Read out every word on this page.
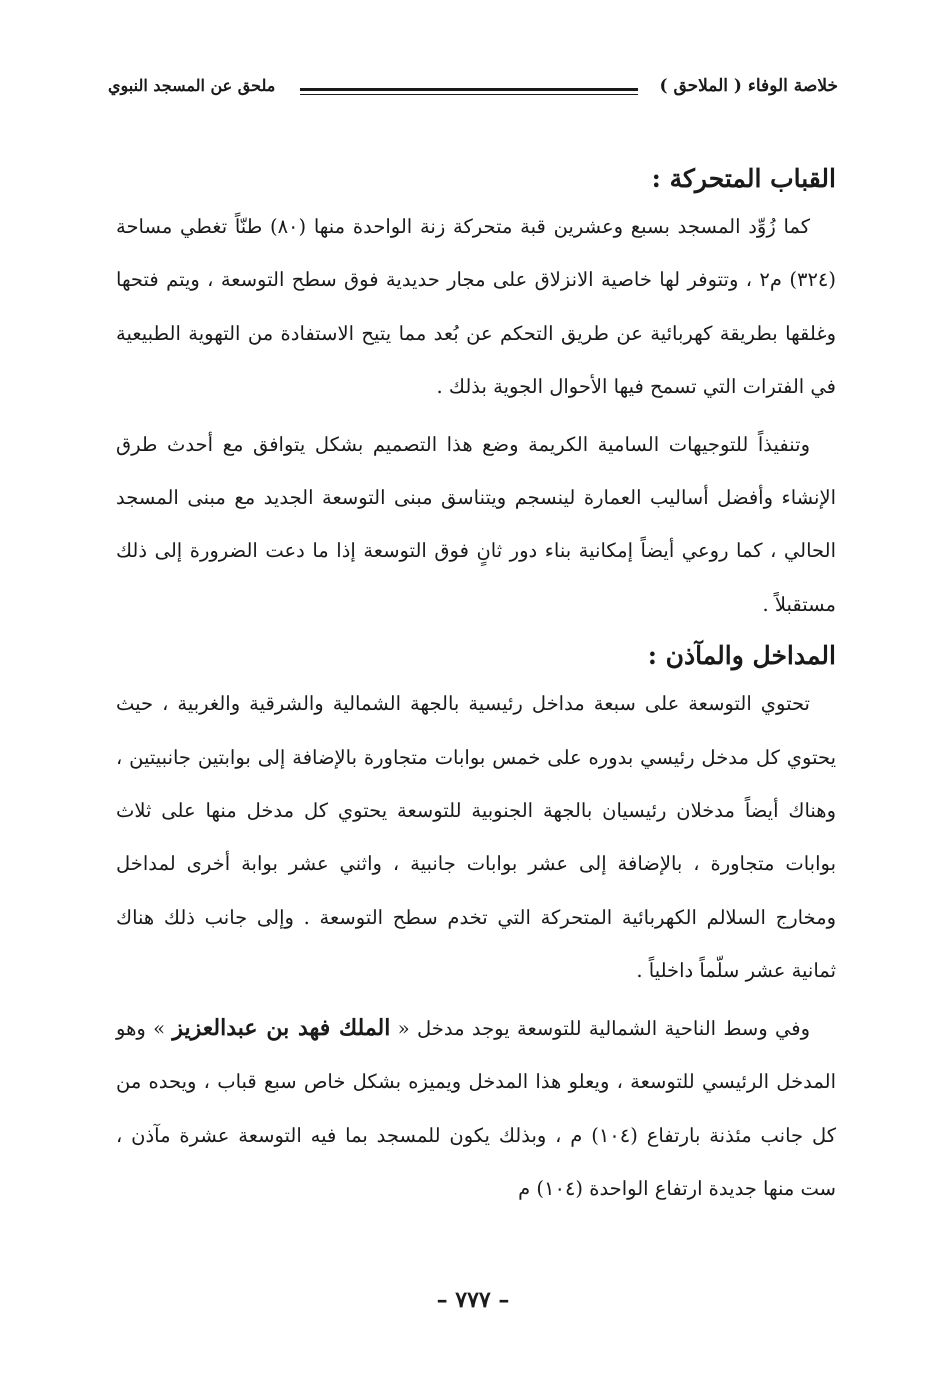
خلاصة الوفاء ( الملاحق )
ملحق عن المسجد النبوي
القباب المتحركة :

كما زُوِّد المسجد بسبع وعشرين قبة متحركة زنة الواحدة منها (٨٠) طنّاً تغطي مساحة (٣٢٤) م٢ ، وتتوفر لها خاصية الانزلاق على مجار حديدية فوق سطح التوسعة ، ويتم فتحها وغلقها بطريقة كهربائية عن طريق التحكم عن بُعد مما يتيح الاستفادة من التهوية الطبيعية في الفترات التي تسمح فيها الأحوال الجوية بذلك .

وتنفيذاً للتوجيهات السامية الكريمة وضع هذا التصميم بشكل يتوافق مع أحدث طرق الإنشاء وأفضل أساليب العمارة لينسجم ويتناسق مبنى التوسعة الجديد مع مبنى المسجد الحالي ، كما روعي أيضاً إمكانية بناء دور ثانٍ فوق التوسعة إذا ما دعت الضرورة إلى ذلك مستقبلاً .

المداخل والمآذن :

تحتوي التوسعة على سبعة مداخل رئيسية بالجهة الشمالية والشرقية والغربية ، حيث يحتوي كل مدخل رئيسي بدوره على خمس بوابات متجاورة بالإضافة إلى بوابتين جانبيتين ، وهناك أيضاً مدخلان رئيسيان بالجهة الجنوبية للتوسعة يحتوي كل مدخل منها على ثلاث بوابات متجاورة ، بالإضافة إلى عشر بوابات جانبية ، واثني عشر بوابة أخرى لمداخل ومخارج السلالم الكهربائية المتحركة التي تخدم سطح التوسعة . وإلى جانب ذلك هناك ثمانية عشر سلّماً داخلياً .

وفي وسط الناحية الشمالية للتوسعة يوجد مدخل « الملك فهد بن عبدالعزيز » وهو المدخل الرئيسي للتوسعة ، ويعلو هذا المدخل ويميزه بشكل خاص سبع قباب ، ويحده من كل جانب مئذنة بارتفاع (١٠٤) م ، وبذلك يكون للمسجد بما فيه التوسعة عشرة مآذن ، ست منها جديدة ارتفاع الواحدة (١٠٤) م

– ٧٧٧ –
